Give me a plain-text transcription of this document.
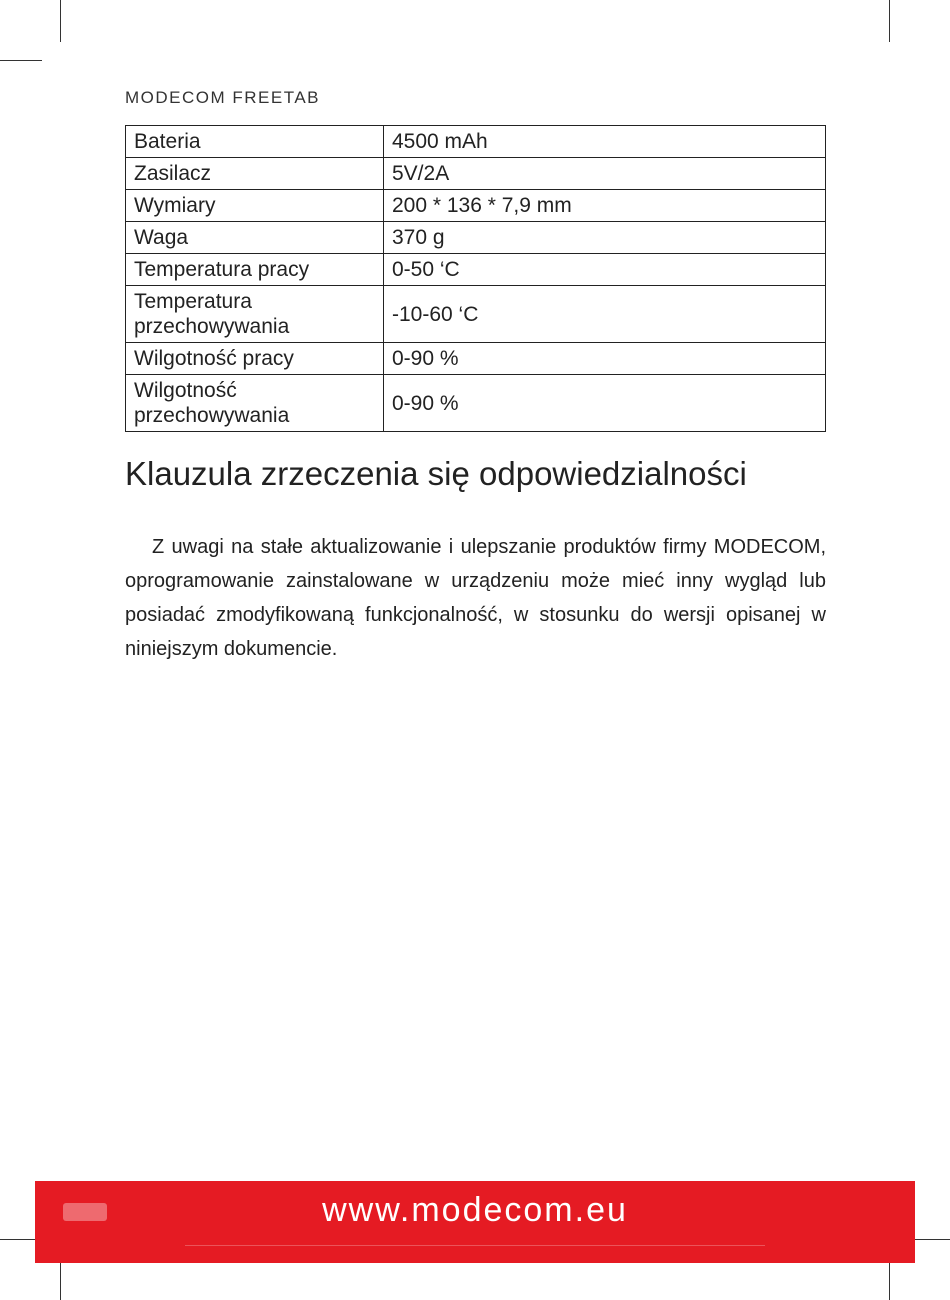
MODECOM FREETAB
Bateria	4500 mAh
Zasilacz	5V/2A
Wymiary	200 * 136 * 7,9 mm
Waga	370 g
Temperatura pracy	0-50 ‘C
Temperatura przechowywania	-10-60 ‘C
Wilgotność pracy	0-90 %
Wilgotność przechowywania	0-90 %
Klauzula zrzeczenia się odpowiedzialności

Z uwagi na stałe aktualizowanie i ulepszanie produktów firmy MODECOM, oprogramowanie zainstalowane w urządzeniu może mieć inny wygląd lub posiadać zmodyfikowaną funkcjonalność, w stosunku do wersji opisanej w niniejszym dokumencie.

www.modecom.eu
